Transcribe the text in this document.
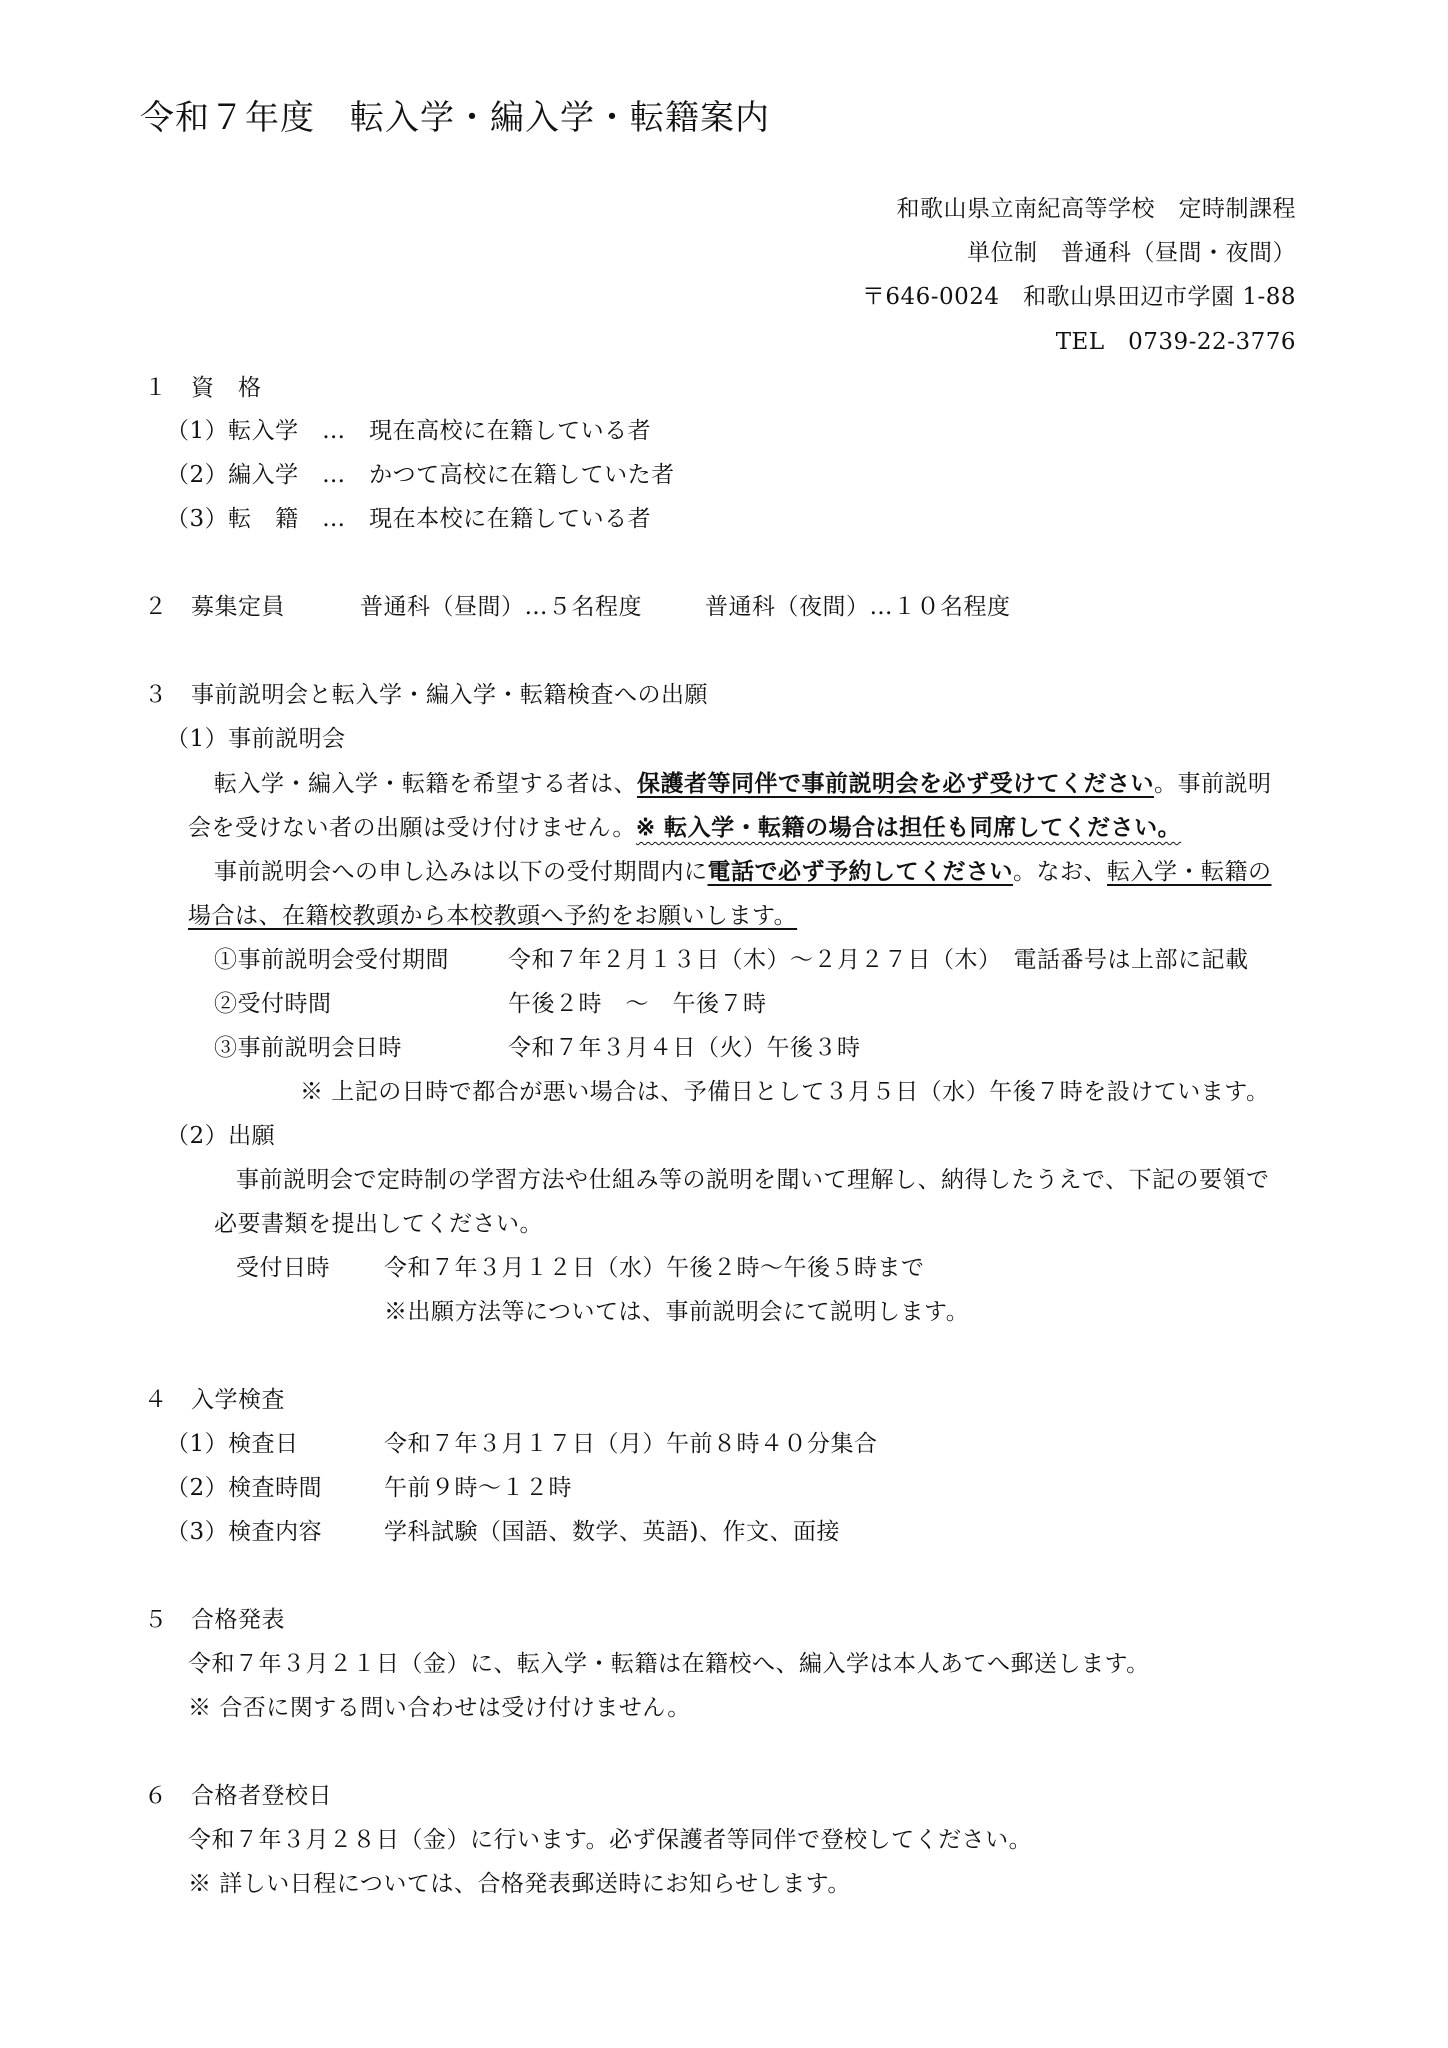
令和７年度　転入学・編入学・転籍案内
和歌山県立南紀高等学校　定時制課程
単位制　普通科（昼間・夜間）
〒646-0024　和歌山県田辺市学園 1-88
TEL　0739-22-3776
１　資　格
（1）転入学　…　現在高校に在籍している者
（2）編入学　…　かつて高校に在籍していた者
（3）転　籍　…　現在本校に在籍している者
２　募集定員	普通科（昼間）…５名程度	普通科（夜間）…１０名程度
３　事前説明会と転入学・編入学・転籍検査への出願
（1）事前説明会
転入学・編入学・転籍を希望する者は、保護者等同伴で事前説明会を必ず受けてください。事前説明
会を受けない者の出願は受け付けません。※ 転入学・転籍の場合は担任も同席してください。
事前説明会への申し込みは以下の受付期間内に電話で必ず予約してください。なお、転入学・転籍の
場合は、在籍校教頭から本校教頭へ予約をお願いします。
①事前説明会受付期間	令和７年２月１３日（木）～２月２７日（木）　電話番号は上部に記載
②受付時間	午後２時　～　午後７時
③事前説明会日時	令和７年３月４日（火）午後３時
※ 上記の日時で都合が悪い場合は、予備日として３月５日（水）午後７時を設けています。
（2）出願
事前説明会で定時制の学習方法や仕組み等の説明を聞いて理解し、納得したうえで、下記の要領で
必要書類を提出してください。
受付日時 令和７年３月１２日（水）午後２時～午後５時まで
※出願方法等については、事前説明会にて説明します。
４　入学検査
（1）検査日	令和７年３月１７日（月）午前８時４０分集合
（2）検査時間	午前９時～１２時
（3）検査内容	学科試験（国語、数学、英語)、作文、面接
５　合格発表
令和７年３月２１日（金）に、転入学・転籍は在籍校へ、編入学は本人あてへ郵送します。
※ 合否に関する問い合わせは受け付けません。
６　合格者登校日
令和７年３月２８日（金）に行います。必ず保護者等同伴で登校してください。
※ 詳しい日程については、合格発表郵送時にお知らせします。
